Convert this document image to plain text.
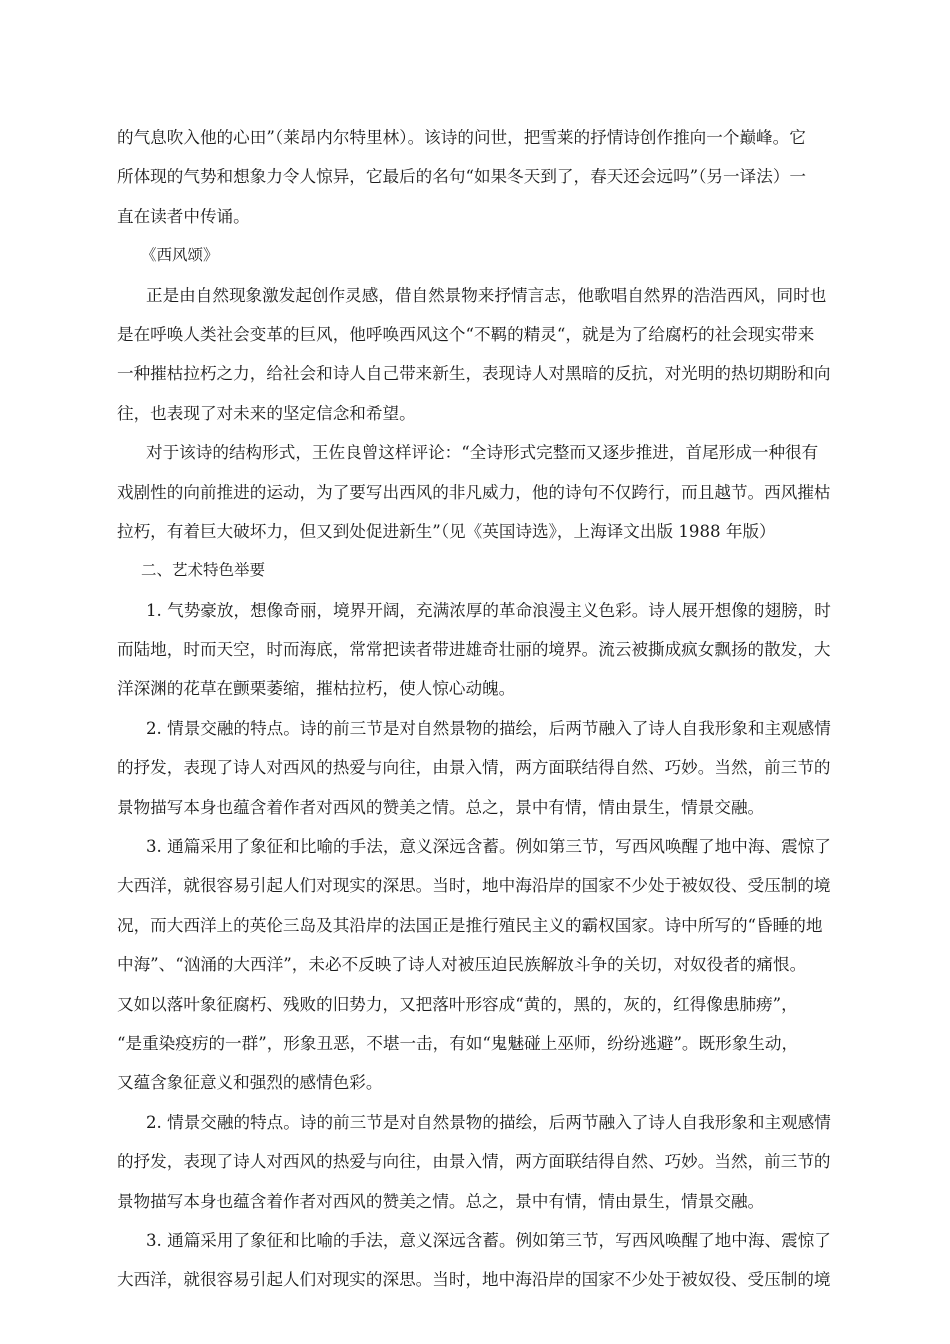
的气息吹入他的心田”（莱昂内尔特里林）。该诗的问世，把雪莱的抒情诗创作推向一个巅峰。它
所体现的气势和想象力令人惊异，它最后的名句“如果冬天到了，春天还会远吗”（另一译法）一
直在读者中传诵。
《西风颂》
正是由自然现象激发起创作灵感，借自然景物来抒情言志，他歌唱自然界的浩浩西风，同时也
是在呼唤人类社会变革的巨风，他呼唤西风这个“不羁的精灵“，就是为了给腐朽的社会现实带来
一种摧枯拉朽之力，给社会和诗人自己带来新生，表现诗人对黑暗的反抗，对光明的热切期盼和向
往，也表现了对未来的坚定信念和希望。
对于该诗的结构形式，王佐良曾这样评论：“全诗形式完整而又逐步推进，首尾形成一种很有
戏剧性的向前推进的运动，为了要写出西风的非凡威力，他的诗句不仅跨行，而且越节。西风摧枯
拉朽，有着巨大破坏力，但又到处促进新生”（见《英国诗选》，上海译文出版 1988 年版）
二、艺术特色举要
1. 气势豪放，想像奇丽，境界开阔，充满浓厚的革命浪漫主义色彩。诗人展开想像的翅膀，时
而陆地，时而天空，时而海底，常常把读者带进雄奇壮丽的境界。流云被撕成疯女飘扬的散发，大
洋深渊的花草在颤栗萎缩，摧枯拉朽，使人惊心动魄。
2. 情景交融的特点。诗的前三节是对自然景物的描绘，后两节融入了诗人自我形象和主观感情
的抒发，表现了诗人对西风的热爱与向往，由景入情，两方面联结得自然、巧妙。当然，前三节的
景物描写本身也蕴含着作者对西风的赞美之情。总之，景中有情，情由景生，情景交融。
3. 通篇采用了象征和比喻的手法，意义深远含蓄。例如第三节，写西风唤醒了地中海、震惊了
大西洋，就很容易引起人们对现实的深思。当时，地中海沿岸的国家不少处于被奴役、受压制的境
况，而大西洋上的英伦三岛及其沿岸的法国正是推行殖民主义的霸权国家。诗中所写的“昏睡的地
中海”、“汹涌的大西洋”，未必不反映了诗人对被压迫民族解放斗争的关切，对奴役者的痛恨。
又如以落叶象征腐朽、残败的旧势力，又把落叶形容成“黄的，黑的，灰的，红得像患肺痨”，
“是重染疫疠的一群”，形象丑恶，不堪一击，有如“鬼魅碰上巫师，纷纷逃避”。既形象生动，
又蕴含象征意义和强烈的感情色彩。
2. 情景交融的特点。诗的前三节是对自然景物的描绘，后两节融入了诗人自我形象和主观感情
的抒发，表现了诗人对西风的热爱与向往，由景入情，两方面联结得自然、巧妙。当然，前三节的
景物描写本身也蕴含着作者对西风的赞美之情。总之，景中有情，情由景生，情景交融。
3. 通篇采用了象征和比喻的手法，意义深远含蓄。例如第三节，写西风唤醒了地中海、震惊了
大西洋，就很容易引起人们对现实的深思。当时，地中海沿岸的国家不少处于被奴役、受压制的境
